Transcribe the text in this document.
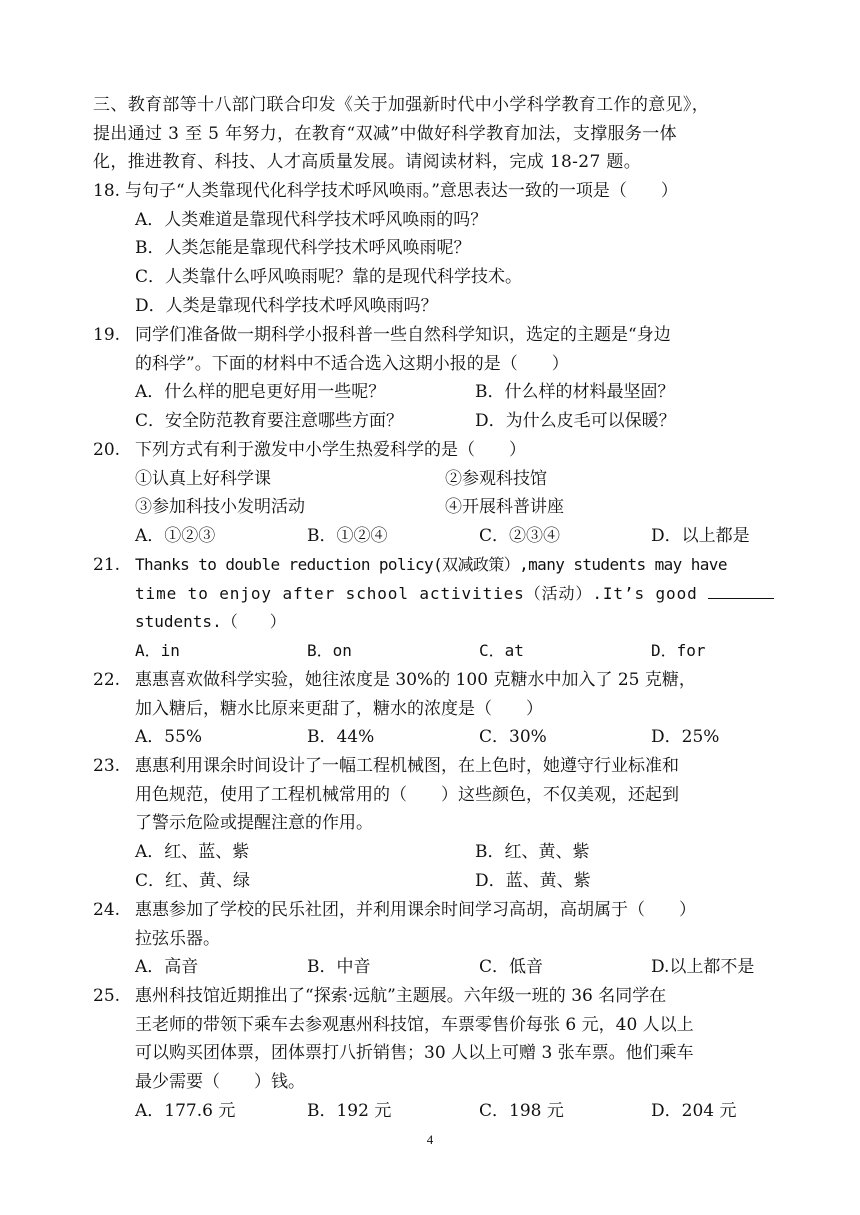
三、教育部等十八部门联合印发《关于加强新时代中小学科学教育工作的意见》，

提出通过 3 至 5 年努力，在教育“双减”中做好科学教育加法，支撑服务一体

化，推进教育、科技、人才高质量发展。请阅读材料，完成 18-27 题。

18. 与句子“人类靠现代化科学技术呼风唤雨。”意思表达一致的一项是（　　）
A．人类难道是靠现代科学技术呼风唤雨的吗？
B．人类怎能是靠现代科学技术呼风唤雨呢？
C．人类靠什么呼风唤雨呢？靠的是现代科学技术。
D．人类是靠现代科学技术呼风唤雨吗？
19. 同学们准备做一期科学小报科普一些自然科学知识，选定的主题是“身边
的科学”。下面的材料中不适合选入这期小报的是（　　）
A．什么样的肥皂更好用一些呢？	B．什么样的材料最坚固？
C．安全防范教育要注意哪些方面？	D．为什么皮毛可以保暖？
20. 下列方式有利于激发中小学生热爱科学的是（　　）
①认真上好科学课	②参观科技馆
③参加科技小发明活动	④开展科普讲座
A．①②③	B．①②④	C．②③④	D．以上都是
21. Thanks to double reduction policy(双减政策）,many students may have
time to enjoy after school activities（活动）.It’s good
students.（　　）
A．in	B．on	C．at	D．for
22. 惠惠喜欢做科学实验，她往浓度是 30%的 100 克糖水中加入了 25 克糖，
加入糖后，糖水比原来更甜了，糖水的浓度是（　　）
A．55%	B．44%	C．30%	D．25%
23. 惠惠利用课余时间设计了一幅工程机械图，在上色时，她遵守行业标准和
用色规范，使用了工程机械常用的（　　）这些颜色，不仅美观，还起到
了警示危险或提醒注意的作用。
A．红、蓝、紫	B．红、黄、紫
C．红、黄、绿	D．蓝、黄、紫
24. 惠惠参加了学校的民乐社团，并利用课余时间学习高胡，高胡属于（　　）
拉弦乐器。
A．高音	B．中音	C．低音	D.以上都不是
25. 惠州科技馆近期推出了“探索·远航”主题展。六年级一班的 36 名同学在
王老师的带领下乘车去参观惠州科技馆，车票零售价每张 6 元，40 人以上
可以购买团体票，团体票打八折销售；30 人以上可赠 3 张车票。他们乘车
最少需要（　　）钱。
A．177.6 元	B．192 元	C．198 元	D．204 元
4
